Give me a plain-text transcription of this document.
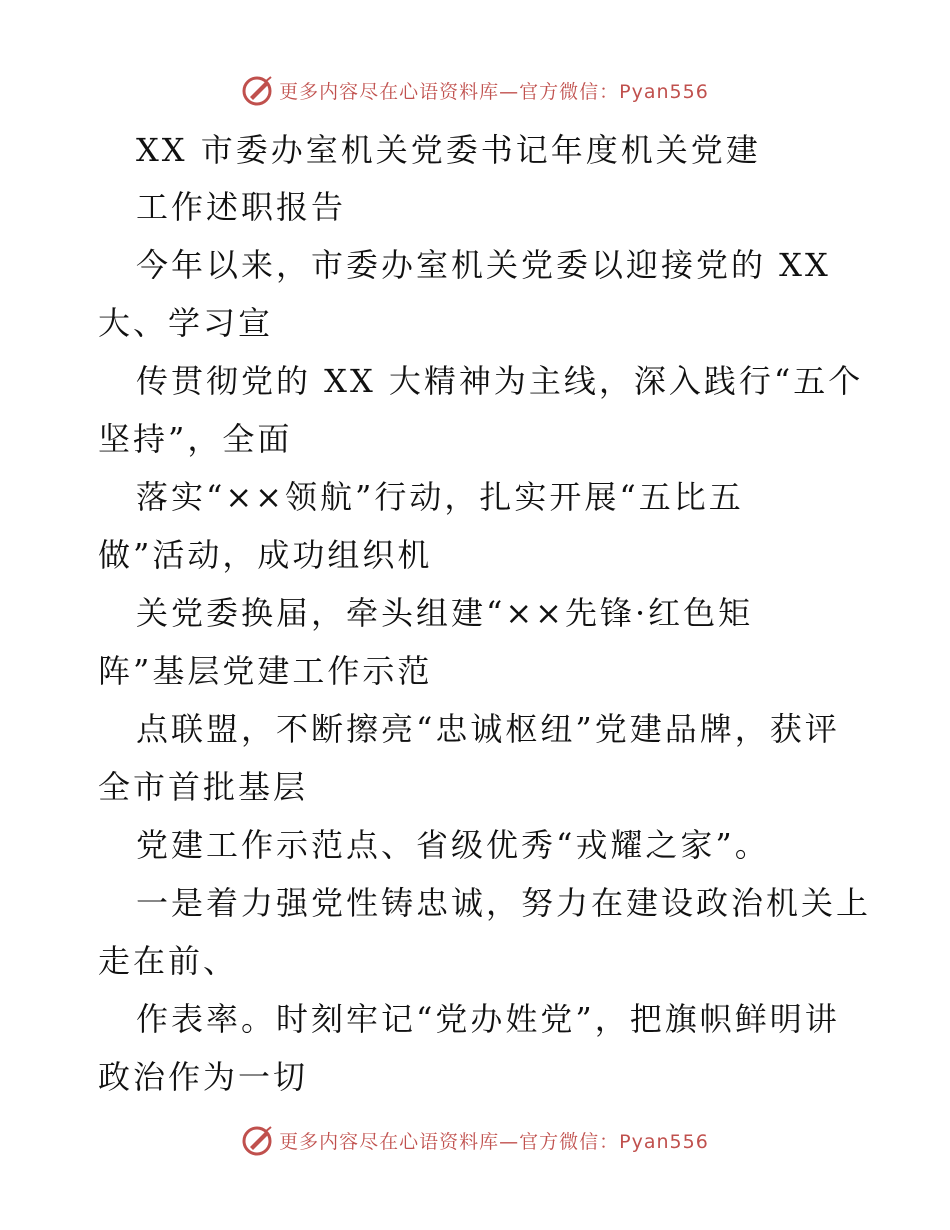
更多内容尽在心语资料库—官方微信：Pyan556
XX 市委办室机关党委书记年度机关党建
工作述职报告
今年以来，市委办室机关党委以迎接党的 XX
大、学习宣
传贯彻党的 XX 大精神为主线，深入践行“五个
坚持”，全面
落实“××领航”行动，扎实开展“五比五
做”活动，成功组织机
关党委换届，牵头组建“××先锋·红色矩
阵”基层党建工作示范
点联盟，不断擦亮“忠诚枢纽”党建品牌，获评
全市首批基层
党建工作示范点、省级优秀“戎耀之家”。
一是着力强党性铸忠诚，努力在建设政治机关上
走在前、
作表率。时刻牢记“党办姓党”，把旗帜鲜明讲
政治作为一切
更多内容尽在心语资料库—官方微信：Pyan556
